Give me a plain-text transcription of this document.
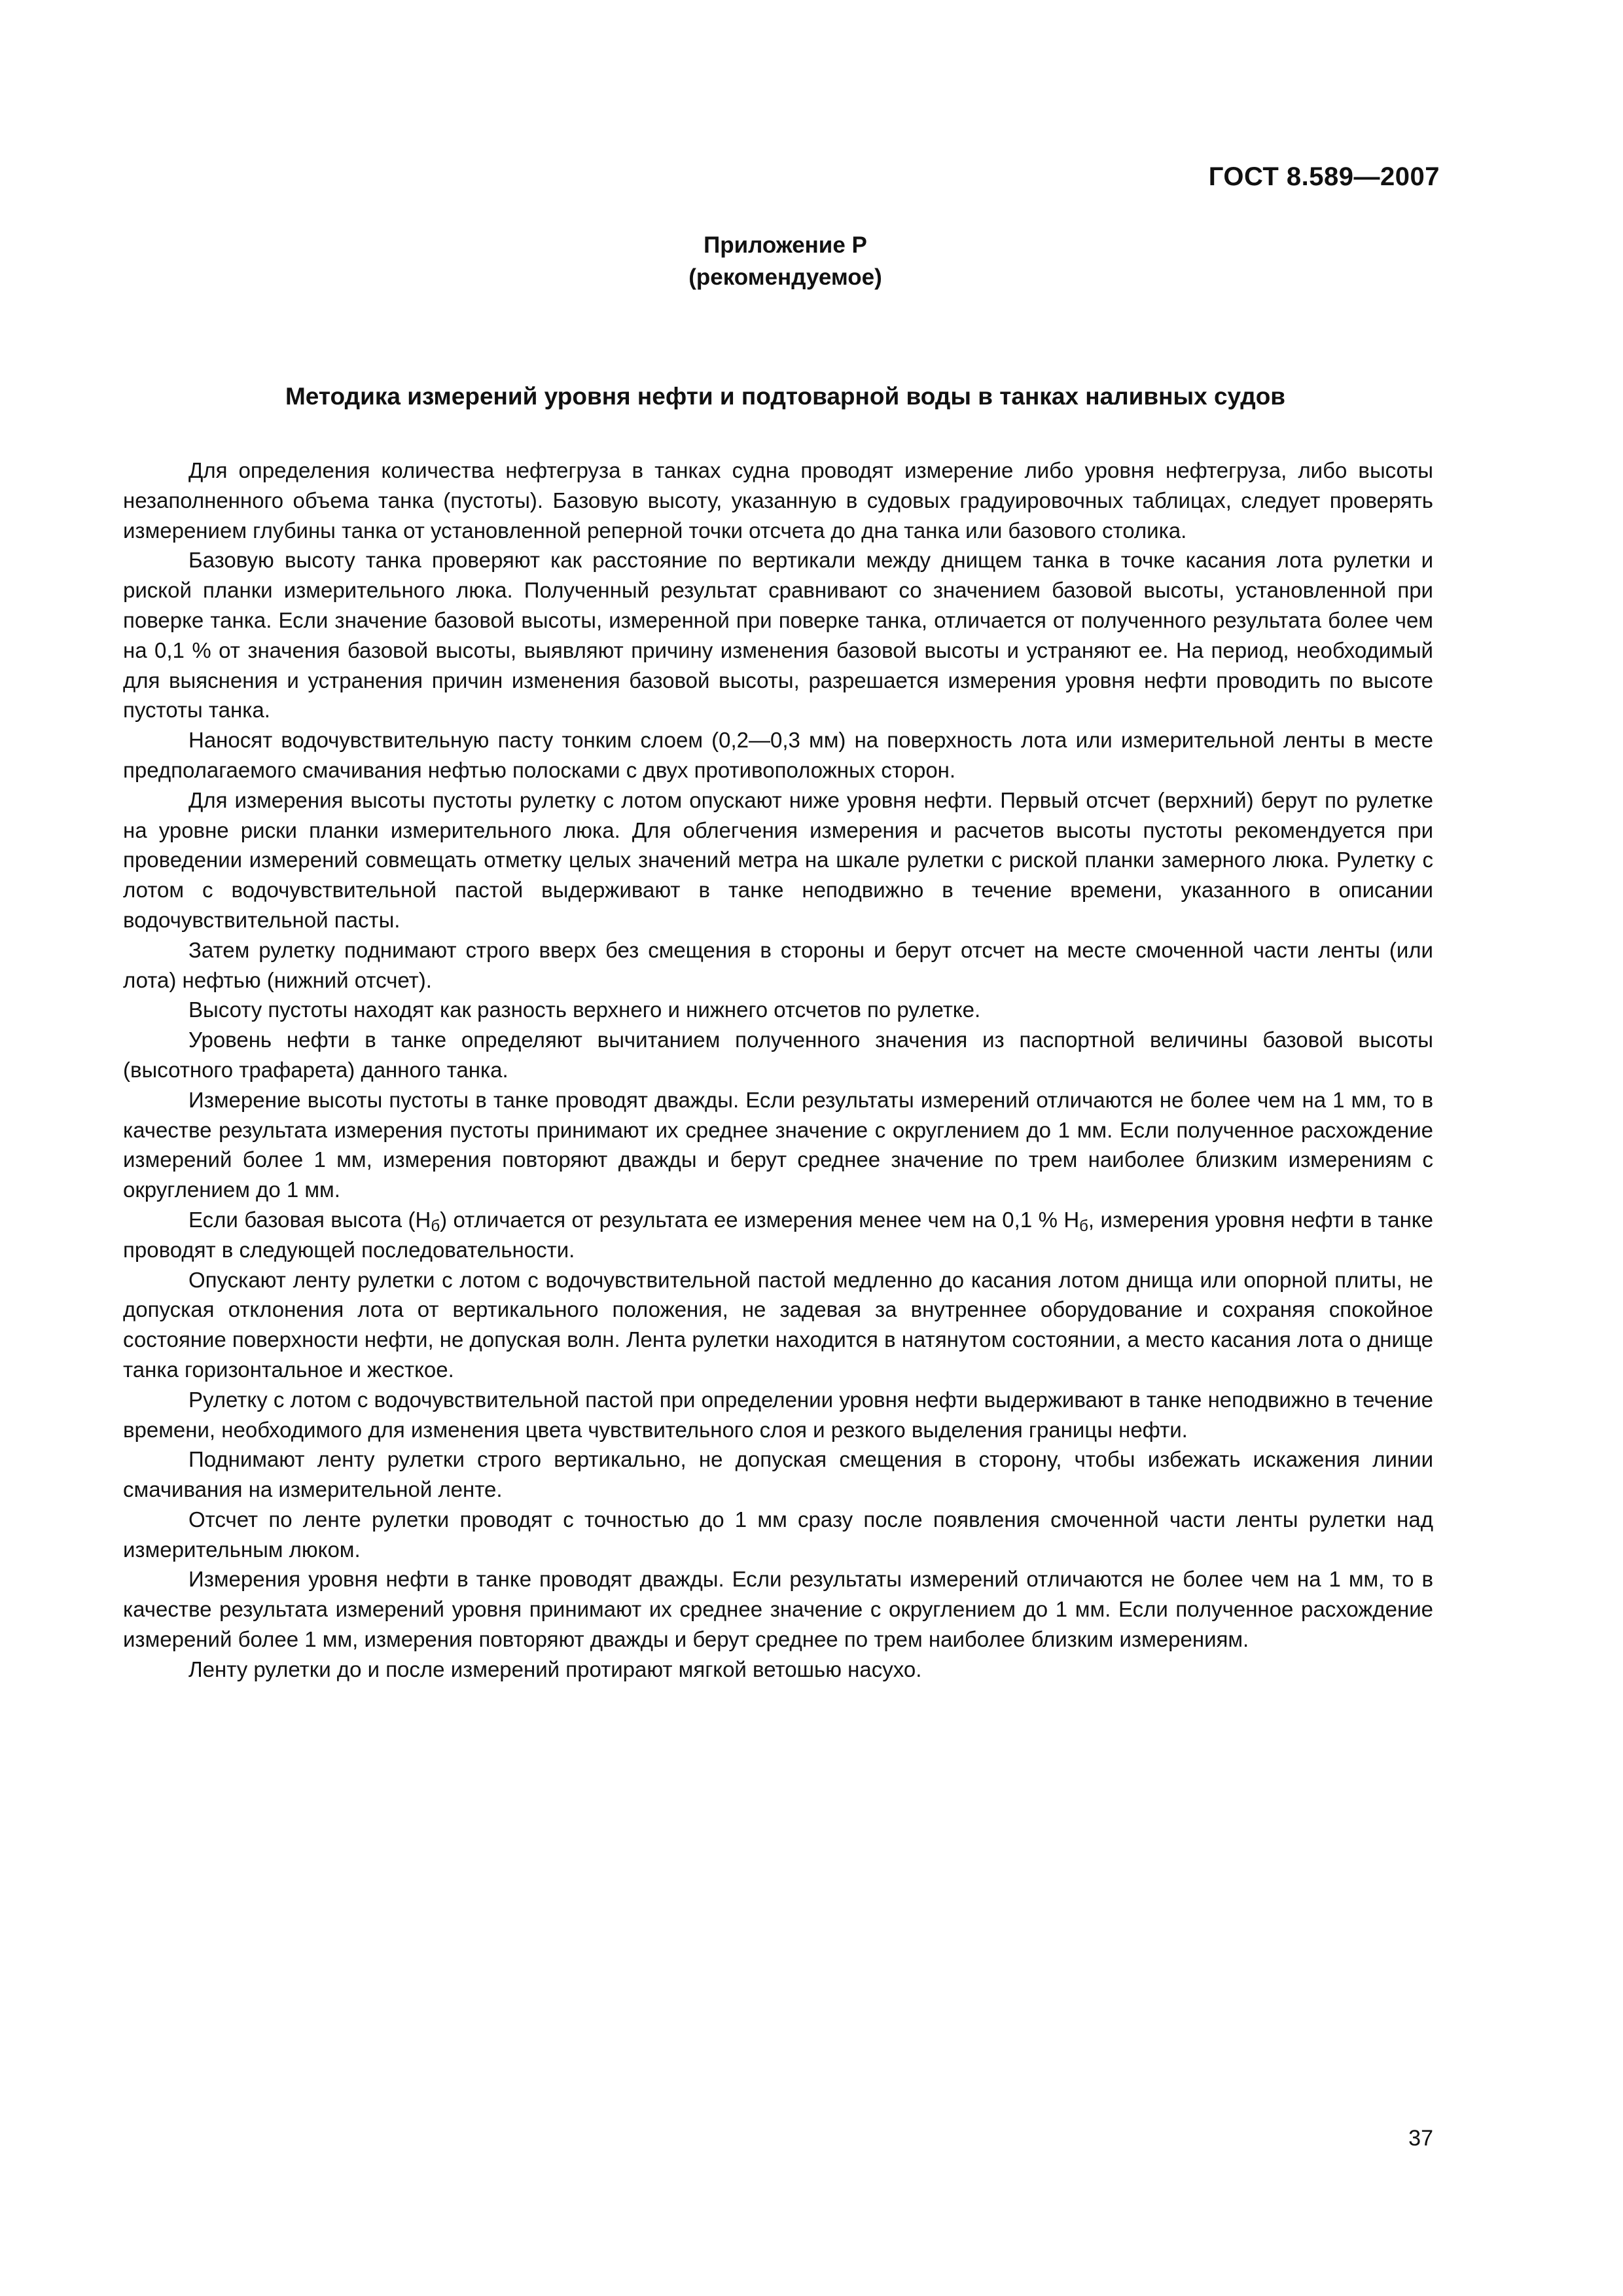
ГОСТ 8.589—2007
Приложение Р
(рекомендуемое)
Методика измерений уровня нефти и подтоварной воды в танках наливных судов

Для определения количества нефтегруза в танках судна проводят измерение либо уровня нефтегруза, либо высоты незаполненного объема танка (пустоты). Базовую высоту, указанную в судовых градуировочных таблицах, следует проверять измерением глубины танка от установленной реперной точки отсчета до дна танка или базового столика.

Базовую высоту танка проверяют как расстояние по вертикали между днищем танка в точке касания лота рулетки и риской планки измерительного люка. Полученный результат сравнивают со значением базовой высоты, установленной при поверке танка. Если значение базовой высоты, измеренной при поверке танка, отличается от полученного результата более чем на 0,1 % от значения базовой высоты, выявляют причину изменения базовой высоты и устраняют ее. На период, необходимый для выяснения и устранения причин изменения базовой высоты, разрешается измерения уровня нефти проводить по высоте пустоты танка.

Наносят водочувствительную пасту тонким слоем (0,2—0,3 мм) на поверхность лота или измерительной ленты в месте предполагаемого смачивания нефтью полосками с двух противоположных сторон.

Для измерения высоты пустоты рулетку с лотом опускают ниже уровня нефти. Первый отсчет (верхний) берут по рулетке на уровне риски планки измерительного люка. Для облегчения измерения и расчетов высоты пустоты рекомендуется при проведении измерений совмещать отметку целых значений метра на шкале рулетки с риской планки замерного люка. Рулетку с лотом с водочувствительной пастой выдерживают в танке неподвижно в течение времени, указанного в описании водочувствительной пасты.

Затем рулетку поднимают строго вверх без смещения в стороны и берут отсчет на месте смоченной части ленты (или лота) нефтью (нижний отсчет).

Высоту пустоты находят как разность верхнего и нижнего отсчетов по рулетке.

Уровень нефти в танке определяют вычитанием полученного значения из паспортной величины базовой высоты (высотного трафарета) данного танка.

Измерение высоты пустоты в танке проводят дважды. Если результаты измерений отличаются не более чем на 1 мм, то в качестве результата измерения пустоты принимают их среднее значение с округлением до 1 мм. Если полученное расхождение измерений более 1 мм, измерения повторяют дважды и берут среднее значение по трем наиболее близким измерениям с округлением до 1 мм.

Если базовая высота $(Н_б)$ отличается от результата ее измерения менее чем на 0,1 % $Н_б$, измерения уровня нефти в танке проводят в следующей последовательности.

Опускают ленту рулетки с лотом с водочувствительной пастой медленно до касания лотом днища или опорной плиты, не допуская отклонения лота от вертикального положения, не задевая за внутреннее оборудование и сохраняя спокойное состояние поверхности нефти, не допуская волн. Лента рулетки находится в натянутом состоянии, а место касания лота о днище танка горизонтальное и жесткое.

Рулетку с лотом с водочувствительной пастой при определении уровня нефти выдерживают в танке неподвижно в течение времени, необходимого для изменения цвета чувствительного слоя и резкого выделения границы нефти.

Поднимают ленту рулетки строго вертикально, не допуская смещения в сторону, чтобы избежать искажения линии смачивания на измерительной ленте.

Отсчет по ленте рулетки проводят с точностью до 1 мм сразу после появления смоченной части ленты рулетки над измерительным люком.

Измерения уровня нефти в танке проводят дважды. Если результаты измерений отличаются не более чем на 1 мм, то в качестве результата измерений уровня принимают их среднее значение с округлением до 1 мм. Если полученное расхождение измерений более 1 мм, измерения повторяют дважды и берут среднее по трем наиболее близким измерениям.

Ленту рулетки до и после измерений протирают мягкой ветошью насухо.

37
